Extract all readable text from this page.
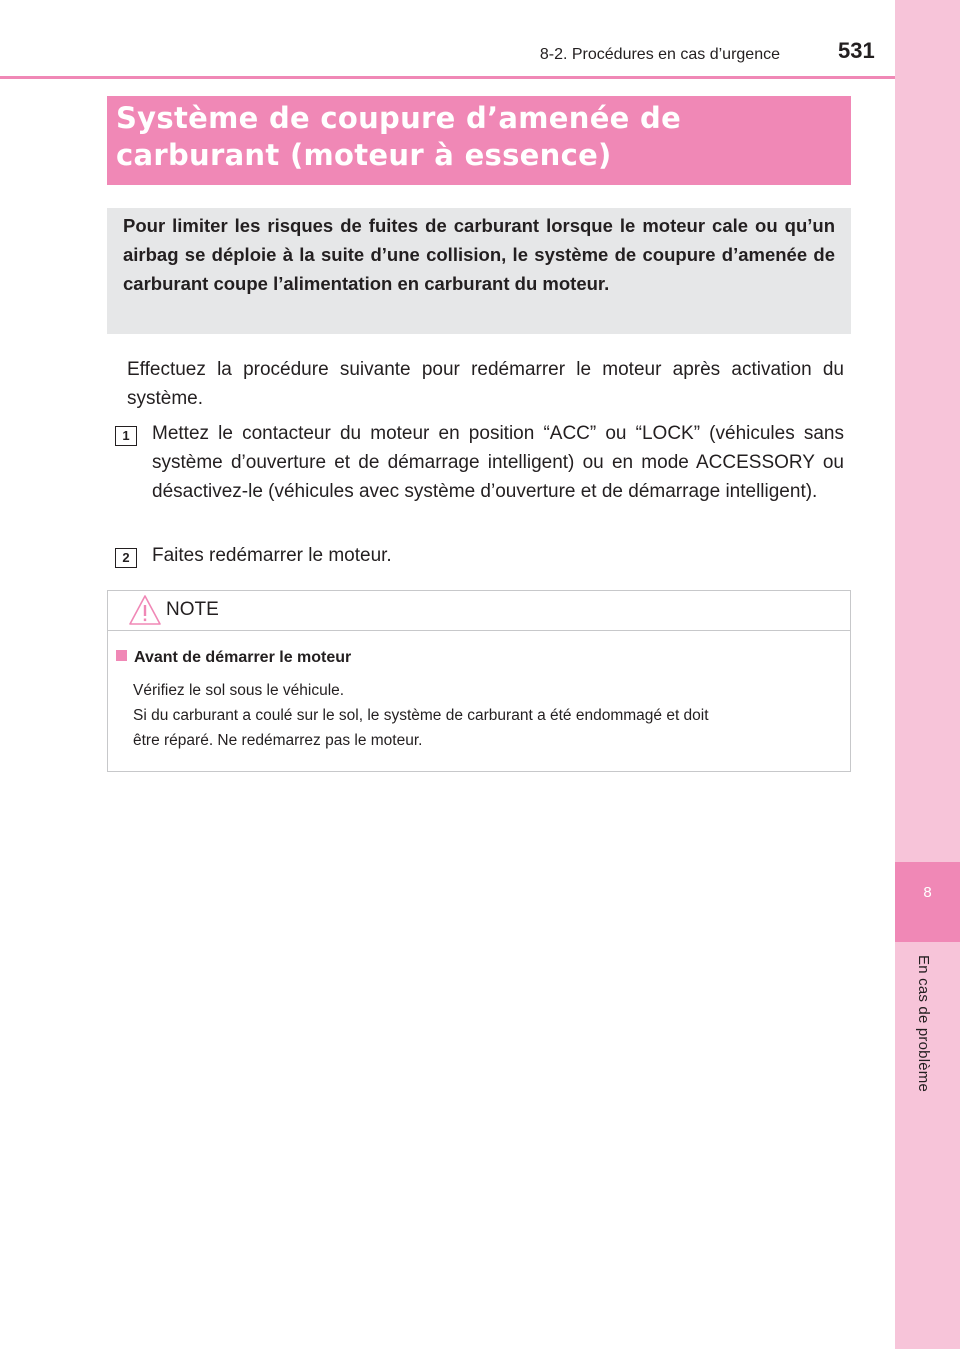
8
En cas de problème
8-2. Procédures en cas d’urgence	531
Système de coupure d’amenée de carburant (moteur à essence)

Pour limiter les risques de fuites de carburant lorsque le moteur cale ou qu’un airbag se déploie à la suite d’une collision, le système de coupure d’amenée de carburant coupe l’alimentation en carburant du moteur.

Effectuez la procédure suivante pour redémarrer le moteur après activation du système.
1	Mettez le contacteur du moteur en position “ACC” ou “LOCK” (véhicules sans système d’ouverture et de démarrage intelligent) ou en mode ACCESSORY ou désactivez-le (véhicules avec système d’ouverture et de démarrage intelligent).
2	Faites redémarrer le moteur.
NOTE
Avant de démarrer le moteur
Vérifiez le sol sous le véhicule.
Si du carburant a coulé sur le sol, le système de carburant a été endommagé et doit
être réparé. Ne redémarrez pas le moteur.
